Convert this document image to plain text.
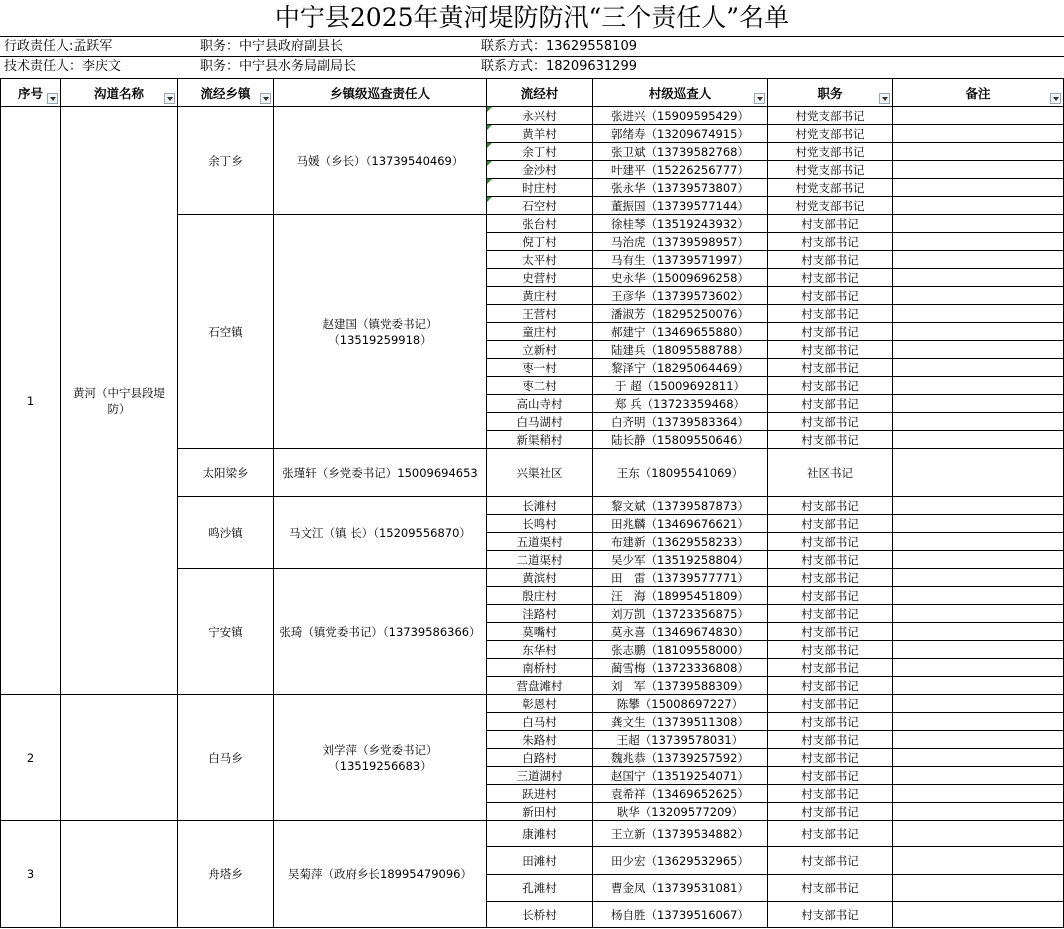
中宁县2025年黄河堤防防汛“三个责任人”名单
行政责任人:孟跃军	职务：中宁县政府副县长	联系方式：13629558109
技术责任人：李庆文	职务：中宁县水务局副局长	联系方式：18209631299
序号	沟道名称	流经乡镇	乡镇级巡查责任人	流经村	村级巡查人	职务	备注

1	黄河（中宁县段堤防）	余丁乡	马媛（乡长）（13739540469）	永兴村	张进兴（15909595429）	村党支部书记	
				黄羊村	郭绪寿（13209674915）	村党支部书记	
				余丁村	张卫斌（13739582768）	村党支部书记	
				金沙村	叶建平（15226256777）	村党支部书记	
				时庄村	张永华（13739573807）	村党支部书记	
				石空村	董振国（13739577144）	村党支部书记	
		石空镇	赵建国（镇党委书记）（13519259918）	张台村	徐桂琴（13519243932）	村支部书记	
				倪丁村	马治虎（13739598957）	村支部书记	
				太平村	马有生（13739571997）	村支部书记	
				史营村	史永华（15009696258）	村支部书记	
				黄庄村	王彦华（13739573602）	村支部书记	
				王营村	潘淑芳（18295250076）	村支部书记	
				童庄村	郝建宁（13469655880）	村支部书记	
				立新村	陆建兵（18095588788）	村支部书记	
				枣一村	黎泽宁（18295064469）	村支部书记	
				枣二村	于 超（15009692811）	村支部书记	
				高山寺村	郑 兵（13723359468）	村支部书记	
				白马湖村	白齐明（13739583364）	村支部书记	
				新渠稍村	陆长静（15809550646）	村支部书记	
		太阳梁乡	张瑾轩（乡党委书记）15009694653	兴渠社区	王东（18095541069）	社区书记	
		鸣沙镇	马文江（镇 长）（15209556870）	长滩村	黎文斌（13739587873）	村支部书记	
				长鸣村	田兆麟（13469676621）	村支部书记	
				五道渠村	布建新（13629558233）	村支部书记	
				二道渠村	吴少军（13519258804）	村支部书记	
		宁安镇	张琦（镇党委书记）（13739586366）	黄滨村	田　雷（13739577771）	村支部书记	
				殷庄村	汪　海（18995451809）	村支部书记	
				洼路村	刘万凯（13723356875）	村支部书记	
				莫嘴村	莫永喜（13469674830）	村支部书记	
				东华村	张志鹏（18109558000）	村支部书记	
				南桥村	蔺雪梅（13723336808）	村支部书记	
				营盘滩村	刘　军（13739588309）	村支部书记	
2		白马乡	刘学萍（乡党委书记）（13519256683）	彰恩村	陈攀（15008697227）	村支部书记	
				白马村	龚文生（13739511308）	村支部书记	
				朱路村	王超（13739578031）	村支部书记	
				白路村	魏兆恭（13739257592）	村支部书记	
				三道湖村	赵国宁（13519254071）	村支部书记	
				跃进村	袁希祥（13469652625）	村支部书记	
				新田村	耿华（13209577209）	村支部书记	
3		舟塔乡	吴菊萍（政府乡长18995479096）	康滩村	王立新（13739534882）	村支部书记	
				田滩村	田少宏（13629532965）	村支部书记	
				孔滩村	曹金凤（13739531081）	村支部书记	
				长桥村	杨自胜（13739516067）	村支部书记	
